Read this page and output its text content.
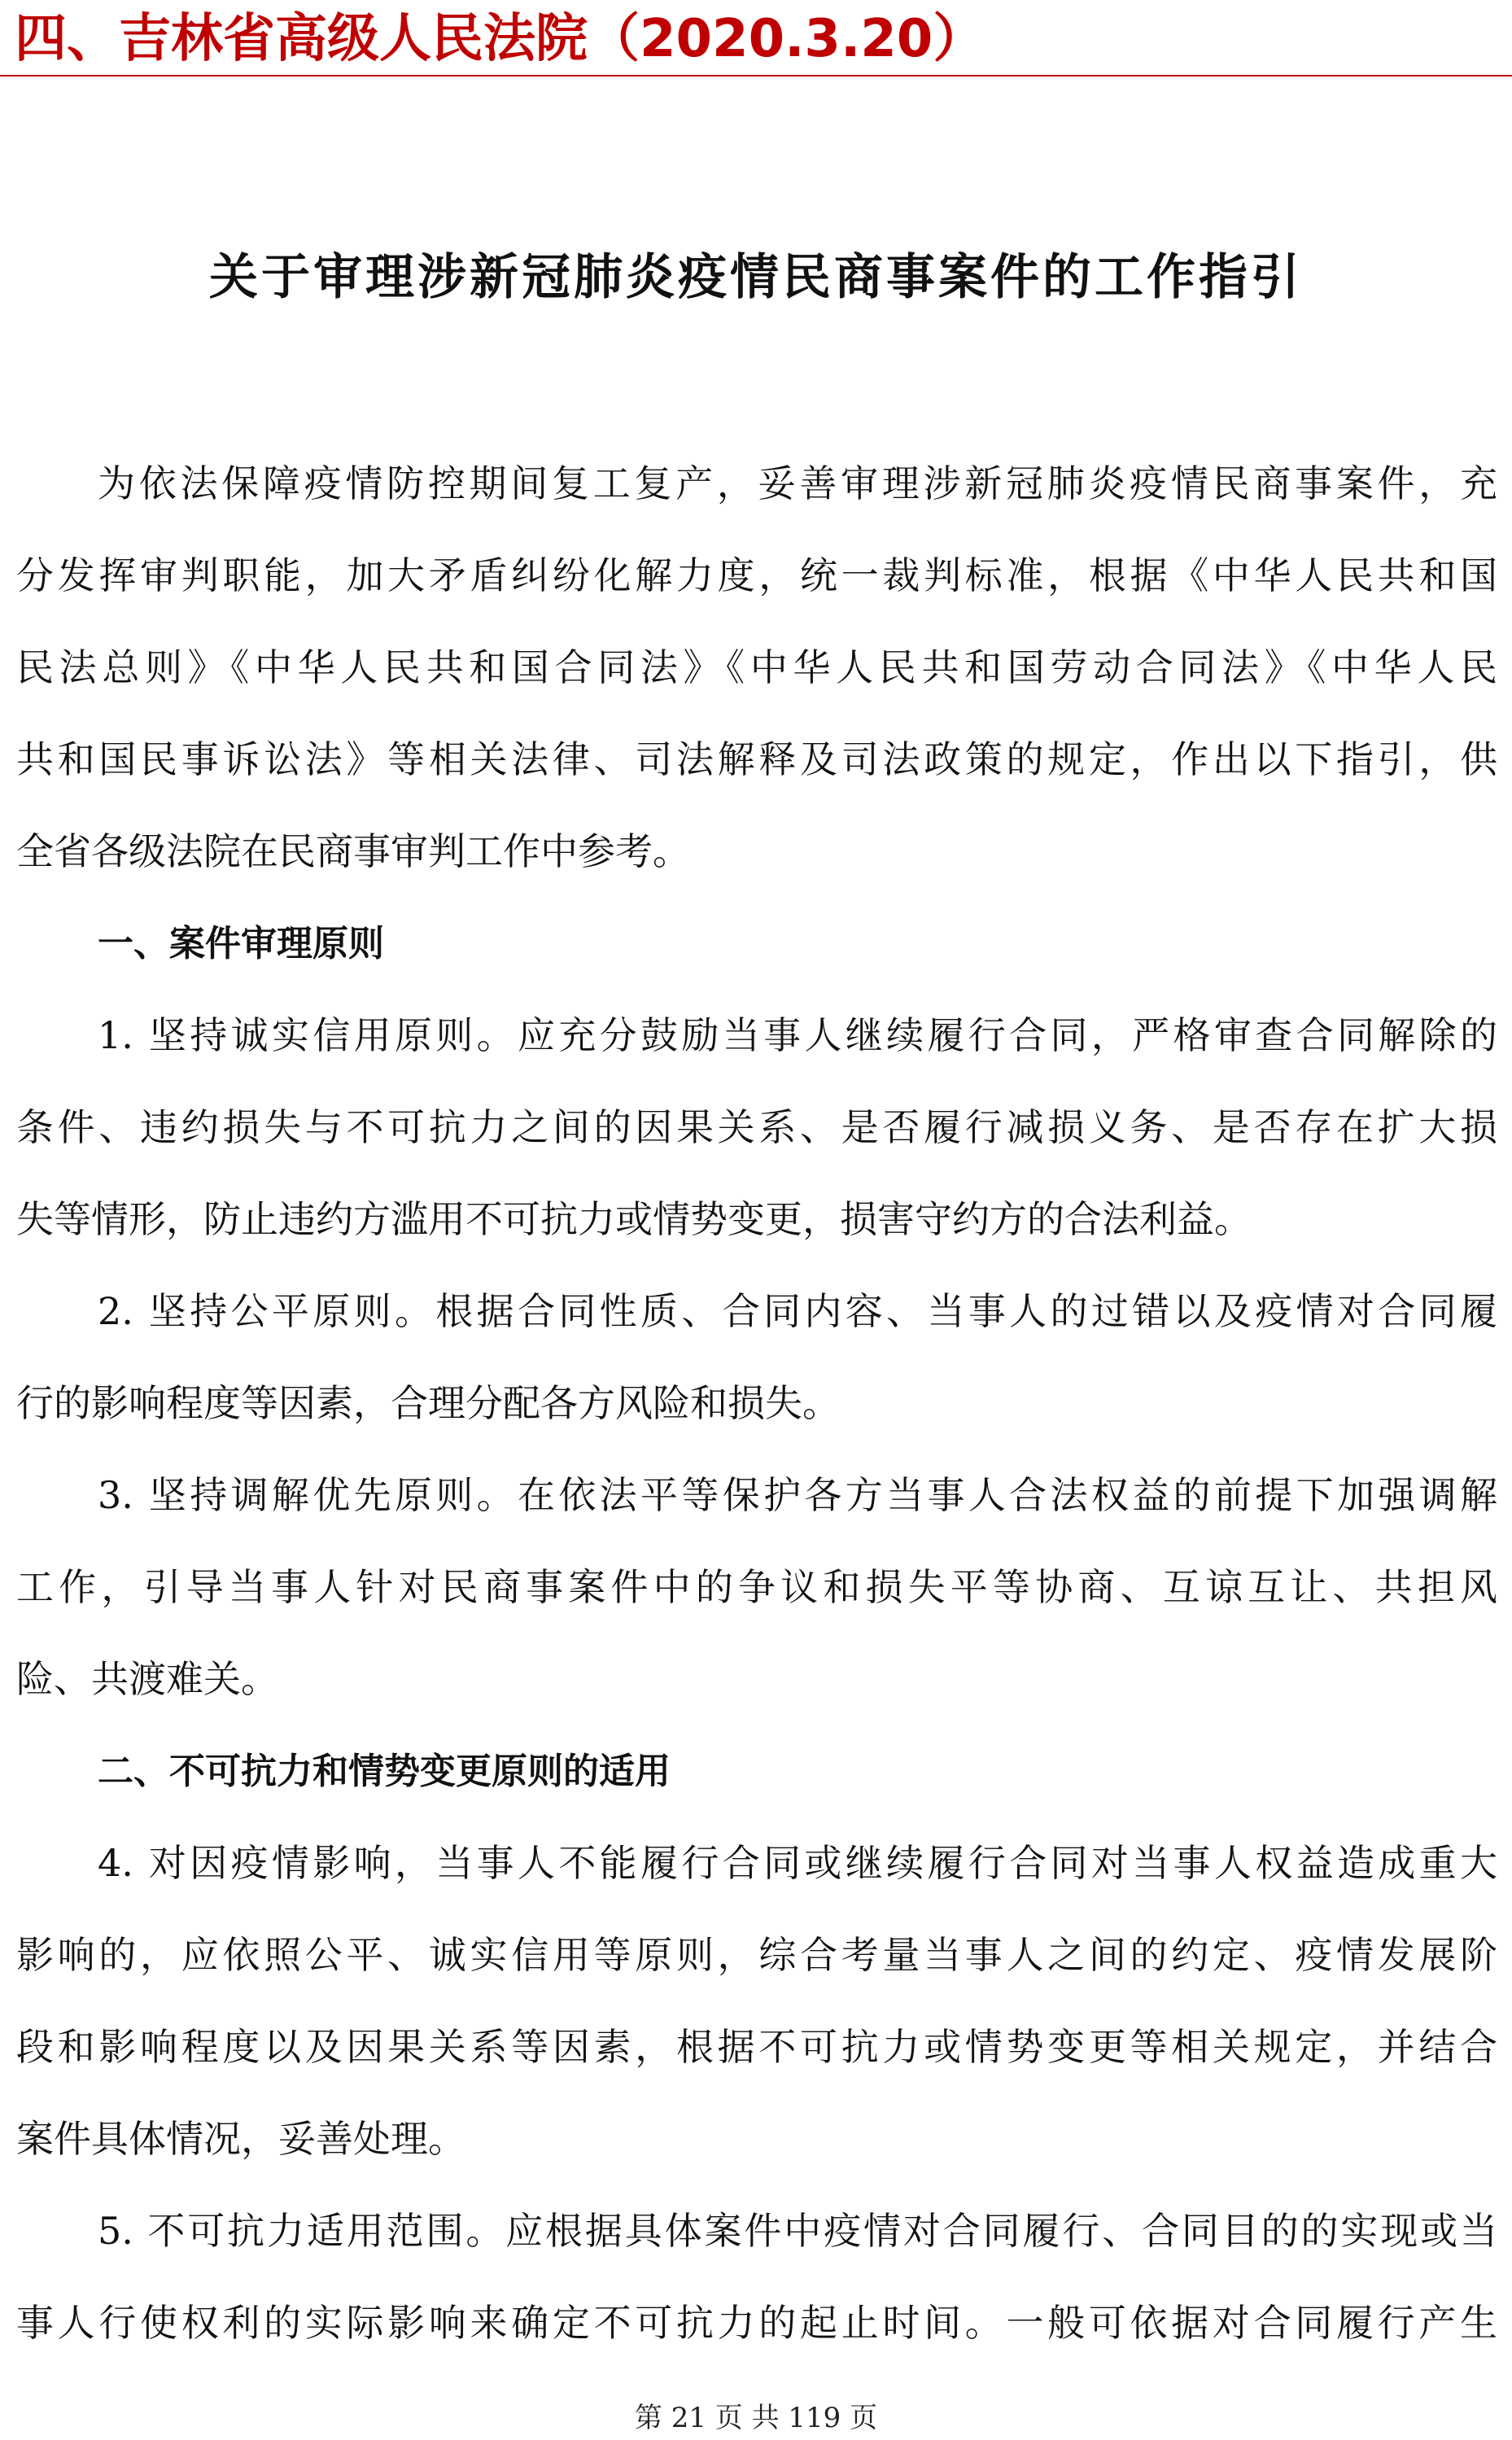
四、吉林省高级人民法院（2020.3.20）
关于审理涉新冠肺炎疫情民商事案件的工作指引
为依法保障疫情防控期间复工复产，妥善审理涉新冠肺炎疫情民商事案件，充
分发挥审判职能，加大矛盾纠纷化解力度，统一裁判标准，根据《中华人民共和国
民法总则》《中华人民共和国合同法》《中华人民共和国劳动合同法》《中华人民
共和国民事诉讼法》等相关法律、司法解释及司法政策的规定，作出以下指引，供
全省各级法院在民商事审判工作中参考。
一、案件审理原则
1. 坚持诚实信用原则。应充分鼓励当事人继续履行合同，严格审查合同解除的
条件、违约损失与不可抗力之间的因果关系、是否履行减损义务、是否存在扩大损
失等情形，防止违约方滥用不可抗力或情势变更，损害守约方的合法利益。
2. 坚持公平原则。根据合同性质、合同内容、当事人的过错以及疫情对合同履
行的影响程度等因素，合理分配各方风险和损失。
3. 坚持调解优先原则。在依法平等保护各方当事人合法权益的前提下加强调解
工作，引导当事人针对民商事案件中的争议和损失平等协商、互谅互让、共担风
险、共渡难关。
二、不可抗力和情势变更原则的适用
4. 对因疫情影响，当事人不能履行合同或继续履行合同对当事人权益造成重大
影响的，应依照公平、诚实信用等原则，综合考量当事人之间的约定、疫情发展阶
段和影响程度以及因果关系等因素，根据不可抗力或情势变更等相关规定，并结合
案件具体情况，妥善处理。
5. 不可抗力适用范围。应根据具体案件中疫情对合同履行、合同目的的实现或当
事人行使权利的实际影响来确定不可抗力的起止时间。一般可依据对合同履行产生
第 21 页 共 119 页
